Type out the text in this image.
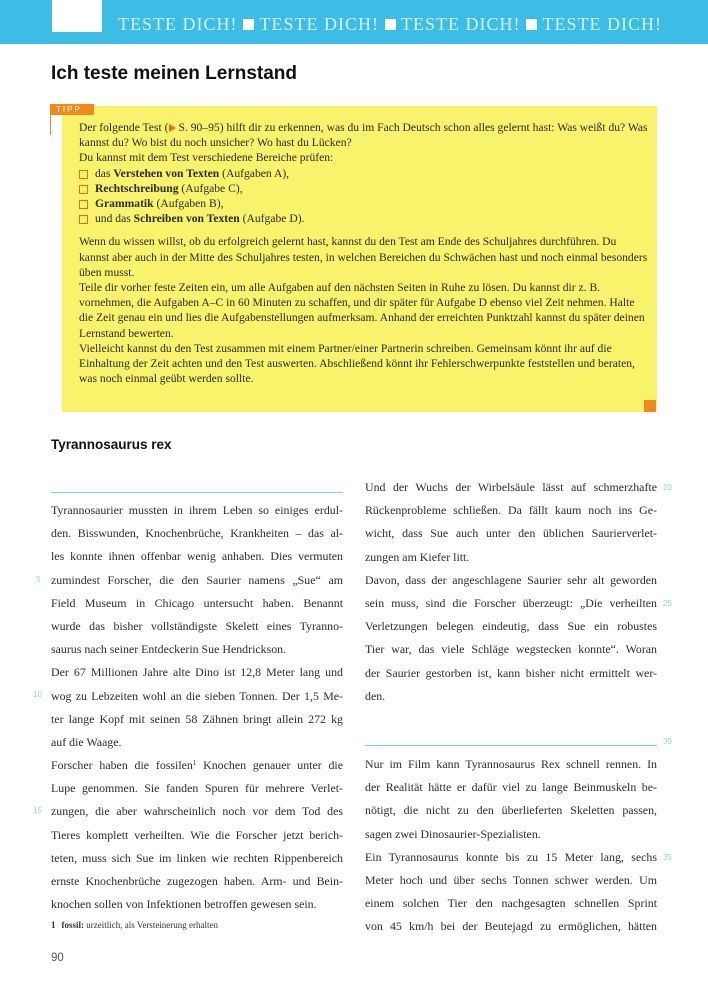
TESTE DICH! TESTE DICH! TESTE DICH! TESTE DICH!
Ich teste meinen Lernstand
TIPP

Der folgende Test ( S. 90–95) hilft dir zu erkennen, was du im Fach Deutsch schon alles gelernt hast: Was weißt du? Was kannst du? Wo bist du noch unsicher? Wo hast du Lücken?

Du kannst mit dem Test verschiedene Bereiche prüfen:

das Verstehen von Texten (Aufgaben A),
Rechtschreibung (Aufgabe C),
Grammatik (Aufgaben B),
und das Schreiben von Texten (Aufgabe D).

Wenn du wissen willst, ob du erfolgreich gelernt hast, kannst du den Test am Ende des Schuljahres durchführen. Du kannst aber auch in der Mitte des Schuljahres testen, in welchen Bereichen du Schwächen hast und noch einmal besonders üben musst.

Teile dir vorher feste Zeiten ein, um alle Aufgaben auf den nächsten Seiten in Ruhe zu lösen. Du kannst dir z. B. vornehmen, die Aufgaben A–C in 60 Minuten zu schaffen, und dir später für Aufgabe D ebenso viel Zeit nehmen. Halte die Zeit genau ein und lies die Aufgabenstellungen aufmerksam. Anhand der erreichten Punktzahl kannst du später deinen Lernstand bewerten.

Vielleicht kannst du den Test zusammen mit einem Partner/einer Partnerin schreiben. Gemeinsam könnt ihr auf die Einhaltung der Zeit achten und den Test auswerten. Abschließend könnt ihr Fehlerschwerpunkte feststellen und beraten, was noch einmal geübt werden sollte.

Tyrannosaurus rex
Tyrannosaurier mussten in ihrem Leben so einiges erdul-
den. Bisswunden, Knochenbrüche, Krankheiten – das al-
les konnte ihnen offenbar wenig anhaben. Dies vermuten
zumindest Forscher, die den Saurier namens „Sue“ am
Field Museum in Chicago untersucht haben. Benannt
wurde das bisher vollständigste Skelett eines Tyranno-
saurus nach seiner Entdeckerin Sue Hendrickson.
Der 67 Millionen Jahre alte Dino ist 12,8 Meter lang und
wog zu Lebzeiten wohl an die sieben Tonnen. Der 1,5 Me-
ter lange Kopf mit seinen 58 Zähnen bringt allein 272 kg
auf die Waage.
Forscher haben die fossilen$^1$ Knochen genauer unter die
Lupe genommen. Sie fanden Spuren für mehrere Verlet-
zungen, die aber wahrscheinlich noch vor dem Tod des
Tieres komplett verheilten. Wie die Forscher jetzt berich-
teten, muss sich Sue im linken wie rechten Rippenbereich
ernste Knochenbrüche zugezogen haben. Arm- und Bein-
knochen sollen von Infektionen betroffen gewesen sein.
Und der Wuchs der Wirbelsäule lässt auf schmerzhafte
Rückenprobleme schließen. Da fällt kaum noch ins Ge-
wicht, dass Sue auch unter den üblichen Saurierverlet-
zungen am Kiefer litt.
Davon, dass der angeschlagene Saurier sehr alt geworden
sein muss, sind die Forscher überzeugt: „Die verheilten
Verletzungen belegen eindeutig, dass Sue ein robustes
Tier war, das viele Schläge wegstecken konnte“. Woran
der Saurier gestorben ist, kann bisher nicht ermittelt wer-
den.
Nur im Film kann Tyrannosaurus Rex schnell rennen. In
der Realität hätte er dafür viel zu lange Beinmuskeln be-
nötigt, die nicht zu den überlieferten Skeletten passen,
sagen zwei Dinosaurier-Spezialisten.
Ein Tyrannosaurus konnte bis zu 15 Meter lang, sechs
Meter hoch und über sechs Tonnen schwer werden. Um
einem solchen Tier den nachgesagten schnellen Sprint
von 45 km/h bei der Beutejagd zu ermöglichen, hätten
5
10
15
20
25
30
35
1 fossil: urzeitlich, als Versteinerung erhalten
90
